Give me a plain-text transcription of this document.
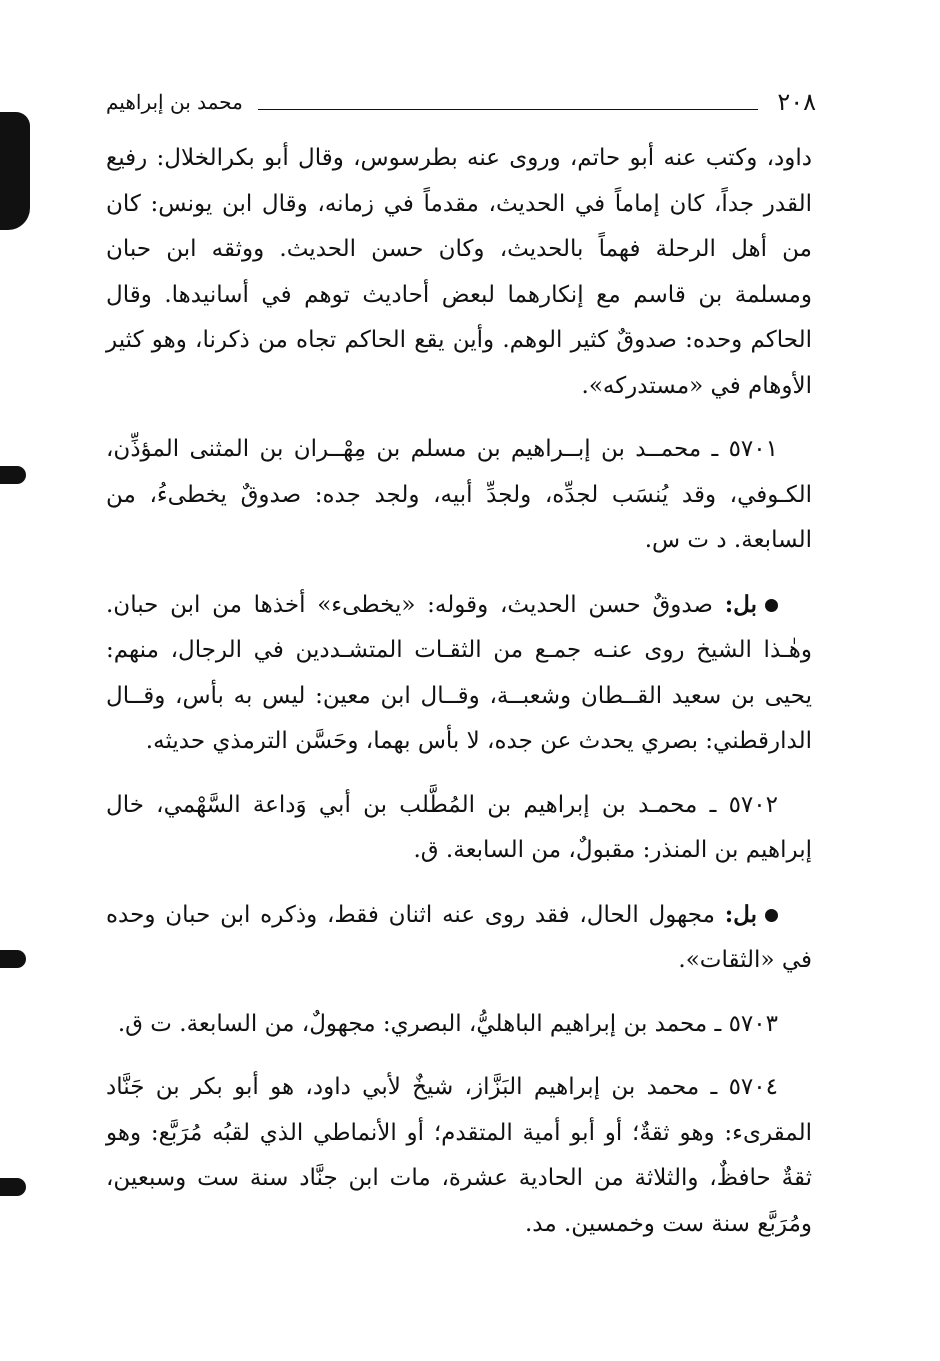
٢٠٨
محمد بن إبراهيم

داود، وكتب عنه أبو حاتم، وروى عنه بطرسوس، وقال أبو بكرالخلال: رفيع القدر جداً، كان إماماً في الحديث، مقدماً في زمانه، وقال ابن يونس: كان من أهل الرحلة فهماً بالحديث، وكان حسن الحديث. ووثقه ابن حبان ومسلمة بن قاسم مع إنكارهما لبعض أحاديث توهم في أسانيدها. وقال الحاكم وحده: صدوقٌ كثير الوهم. وأين يقع الحاكم تجاه من ذكرنا، وهو كثير الأوهام في «مستدركه».

٥٧٠١ ـ محمــد بن إبــراهيم بن مسلم بن مِهْــران بن المثنى المؤذِّن، الكـوفي، وقد يُنسَب لجدِّه، ولجدِّ أبيه، ولجد جده: صدوقٌ يخطىءُ، من السابعة. د ت س.

بل: صدوقٌ حسن الحديث، وقوله: «يخطىء» أخذها من ابن حبان. وهٰـذا الشيخ روى عنـه جمـع من الثقـات المتشـددين في الرجال، منهم: يحيى بن سعيد القــطان وشعبــة، وقــال ابن معين: ليس به بأس، وقــال الدارقطني: بصري يحدث عن جده، لا بأس بهما، وحَسَّن الترمذي حديثه.

٥٧٠٢ ـ محمـد بن إبراهيم بن المُطَّلب بن أبي وَداعة السَّهْمي، خال إبراهيم بن المنذر: مقبولٌ، من السابعة. ق.

بل: مجهول الحال، فقد روى عنه اثنان فقط، وذكره ابن حبان وحده في «الثقات».

٥٧٠٣ ـ محمد بن إبراهيم الباهليُّ، البصري: مجهولٌ، من السابعة. ت ق.

٥٧٠٤ ـ محمد بن إبراهيم البَزَّاز، شيخٌ لأبي داود، هو أبو بكر بن جَنَّاد المقرىء: وهو ثقةٌ؛ أو أبو أمية المتقدم؛ أو الأنماطي الذي لقبُه مُرَبَّع: وهو ثقةٌ حافظٌ، والثلاثة من الحادية عشرة، مات ابن جنَّاد سنة ست وسبعين، ومُرَبَّع سنة ست وخمسين. مد.
